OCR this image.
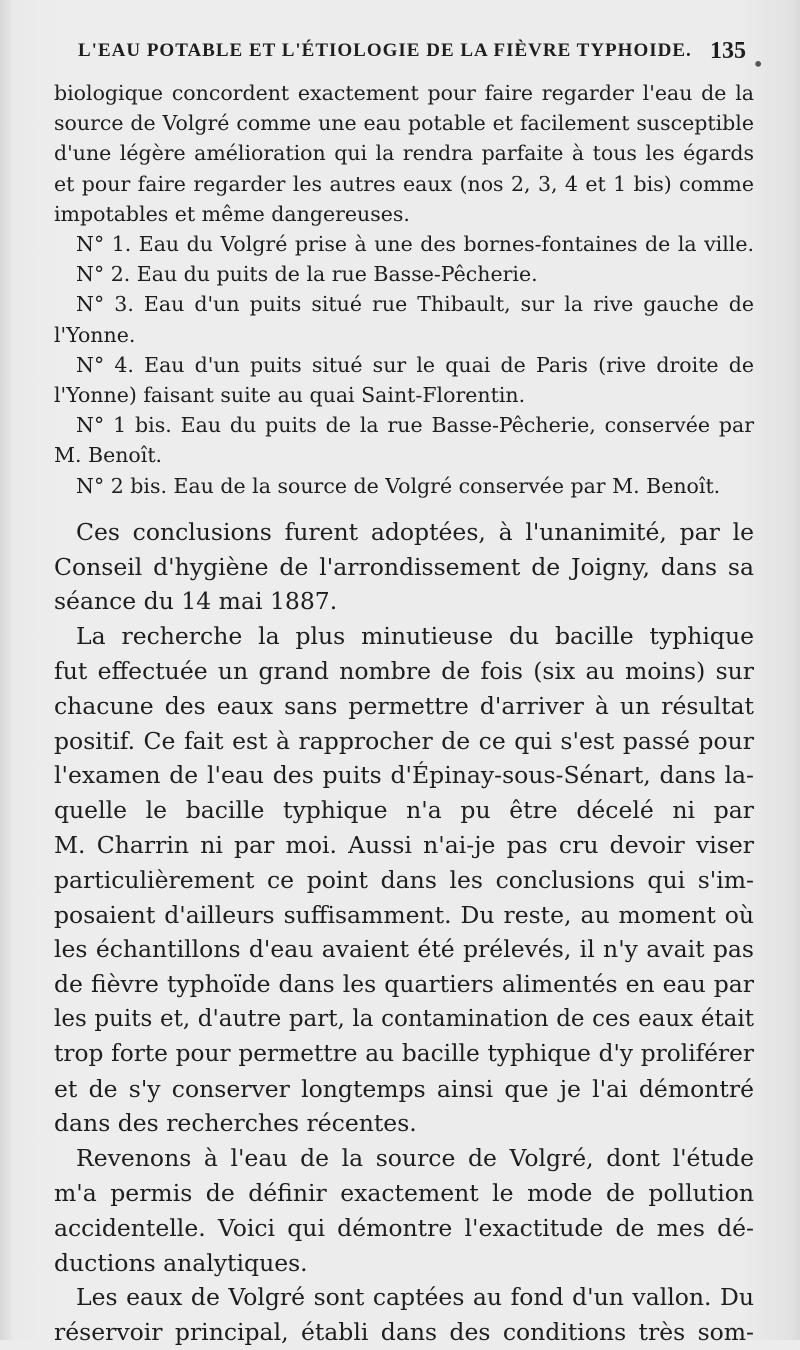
L'EAU POTABLE ET L'ÉTIOLOGIE DE LA FIÈVRE TYPHOIDE. 135 •
biologique concordent exactement pour faire regarder l'eau de la
source de Volgré comme une eau potable et facilement susceptible
d'une légère amélioration qui la rendra parfaite à tous les égards
et pour faire regarder les autres eaux (nos 2, 3, 4 et 1 bis) comme
impotables et même dangereuses.
N° 1. Eau du Volgré prise à une des bornes-fontaines de la ville.
N° 2. Eau du puits de la rue Basse-Pêcherie.
N° 3. Eau d'un puits situé rue Thibault, sur la rive gauche de
l'Yonne.
N° 4. Eau d'un puits situé sur le quai de Paris (rive droite de
l'Yonne) faisant suite au quai Saint-Florentin.
N° 1 bis. Eau du puits de la rue Basse-Pêcherie, conservée par
M. Benoît.
N° 2 bis. Eau de la source de Volgré conservée par M. Benoît.
Ces conclusions furent adoptées, à l'unanimité, par le
Conseil d'hygiène de l'arrondissement de Joigny, dans sa
séance du 14 mai 1887.
La recherche la plus minutieuse du bacille typhique
fut effectuée un grand nombre de fois (six au moins) sur
chacune des eaux sans permettre d'arriver à un résultat
positif. Ce fait est à rapprocher de ce qui s'est passé pour
l'examen de l'eau des puits d'Épinay-sous-Sénart, dans la-
quelle le bacille typhique n'a pu être décelé ni par
M. Charrin ni par moi. Aussi n'ai-je pas cru devoir viser
particulièrement ce point dans les conclusions qui s'im-
posaient d'ailleurs suffisamment. Du reste, au moment où
les échantillons d'eau avaient été prélevés, il n'y avait pas
de fièvre typhoïde dans les quartiers alimentés en eau par
les puits et, d'autre part, la contamination de ces eaux était
trop forte pour permettre au bacille typhique d'y proliférer
et de s'y conserver longtemps ainsi que je l'ai démontré
dans des recherches récentes.
Revenons à l'eau de la source de Volgré, dont l'étude
m'a permis de définir exactement le mode de pollution
accidentelle. Voici qui démontre l'exactitude de mes dé-
ductions analytiques.
Les eaux de Volgré sont captées au fond d'un vallon. Du
réservoir principal, établi dans des conditions très som-
